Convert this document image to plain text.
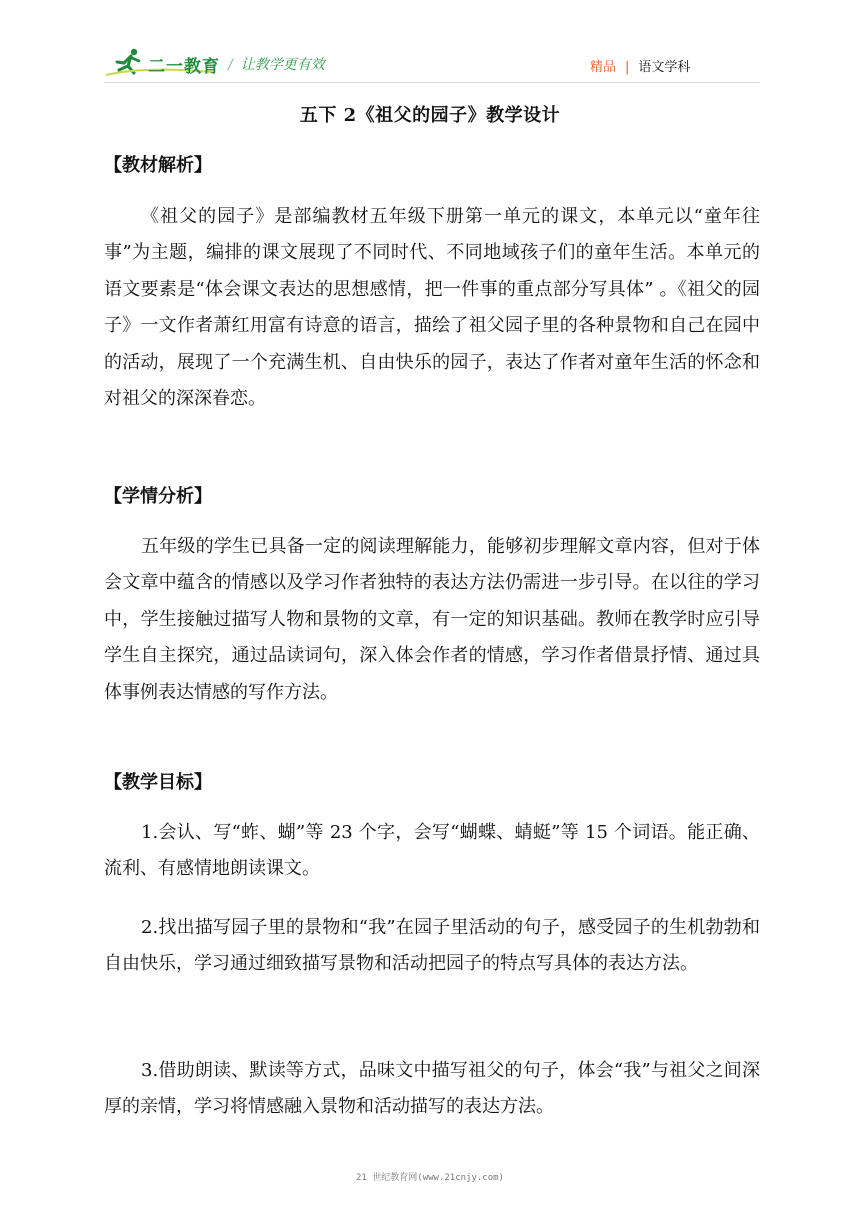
二一教育 / 让教学更有效	精品 | 语文学科
五下 2《祖父的园子》教学设计
【教材解析】

《祖父的园子》是部编教材五年级下册第一单元的课文，本单元以“童年往事”为主题，编排的课文展现了不同时代、不同地域孩子们的童年生活。本单元的语文要素是“体会课文表达的思想感情，把一件事的重点部分写具体” 。《祖父的园子》一文作者萧红用富有诗意的语言，描绘了祖父园子里的各种景物和自己在园中的活动，展现了一个充满生机、自由快乐的园子，表达了作者对童年生活的怀念和对祖父的深深眷恋。

【学情分析】

五年级的学生已具备一定的阅读理解能力，能够初步理解文章内容，但对于体会文章中蕴含的情感以及学习作者独特的表达方法仍需进一步引导。在以往的学习中，学生接触过描写人物和景物的文章，有一定的知识基础。教师在教学时应引导学生自主探究，通过品读词句，深入体会作者的情感，学习作者借景抒情、通过具体事例表达情感的写作方法。

【教学目标】

1.会认、写“蚱、蝴”等 23 个字，会写“蝴蝶、蜻蜓”等 15 个词语。能正确、流利、有感情地朗读课文。

2.找出描写园子里的景物和“我”在园子里活动的句子，感受园子的生机勃勃和自由快乐，学习通过细致描写景物和活动把园子的特点写具体的表达方法。

3.借助朗读、默读等方式，品味文中描写祖父的句子，体会“我”与祖父之间深厚的亲情，学习将情感融入景物和活动描写的表达方法。

21 世纪教育网(www.21cnjy.com)
